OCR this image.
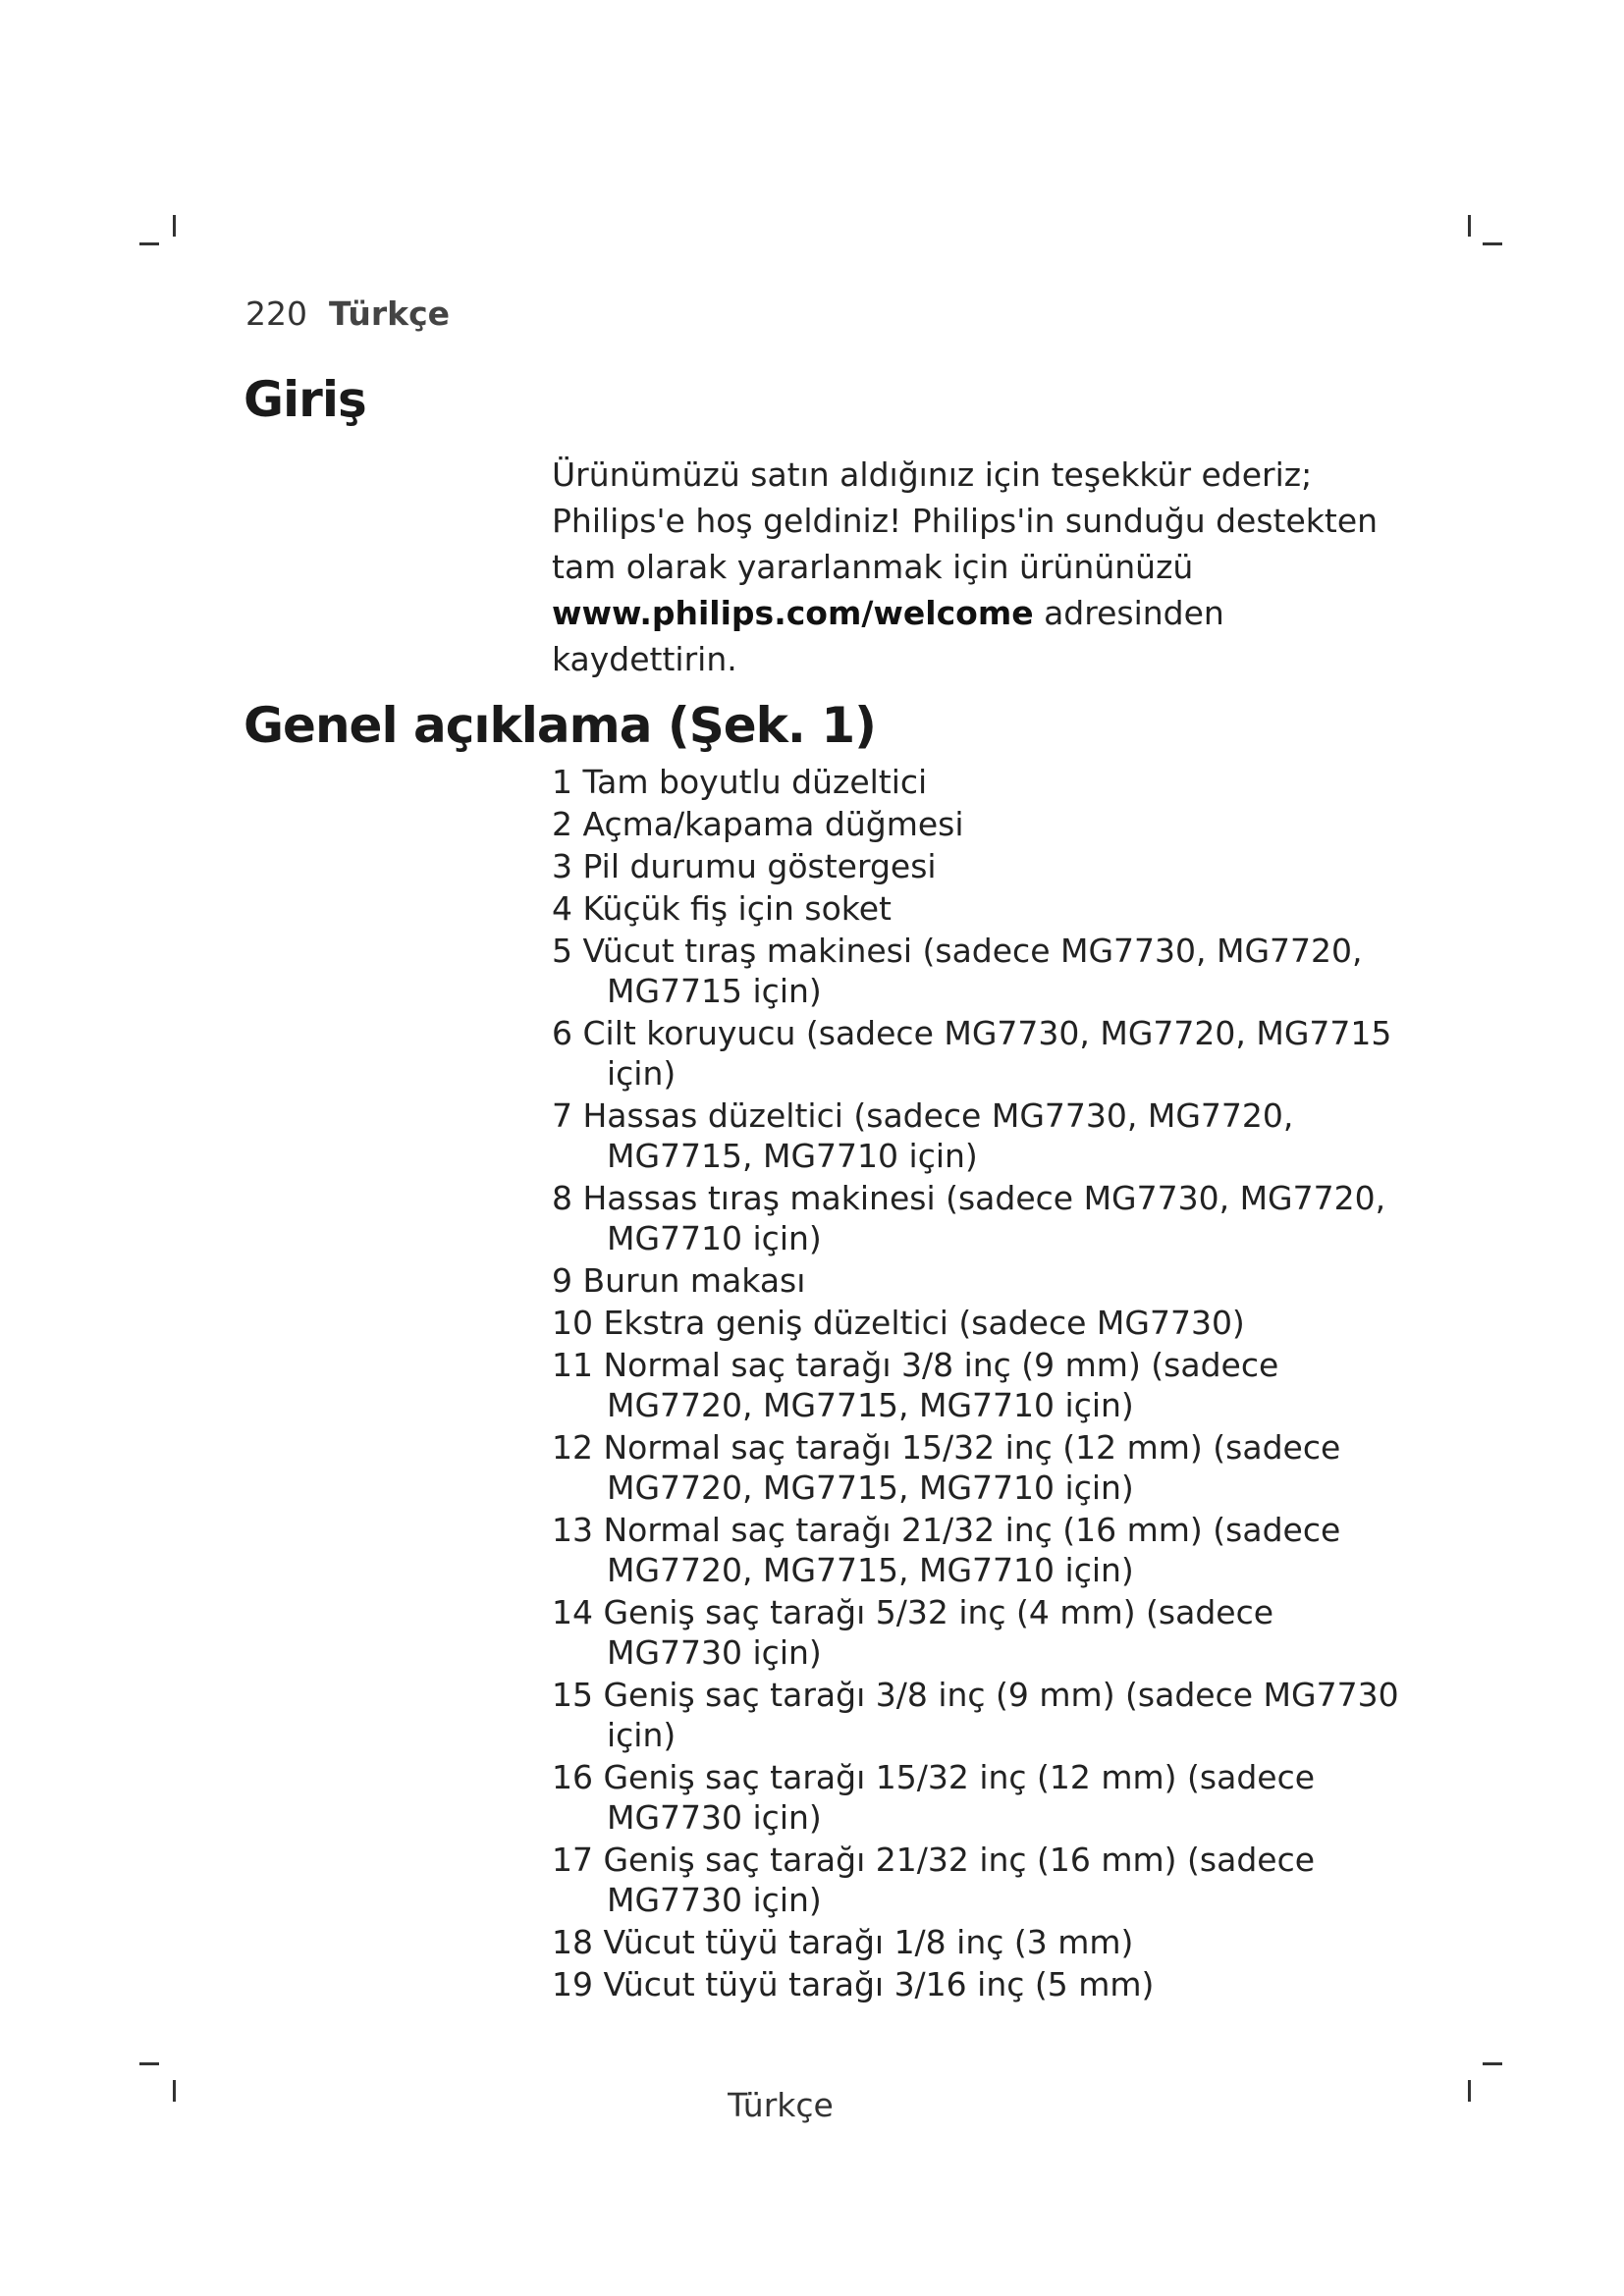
220 Türkçe
Giriş

Ürünümüzü satın aldığınız için teşekkür ederiz; Philips'e hoş geldiniz! Philips'in sunduğu destekten tam olarak yararlanmak için ürününüzü www.philips.com/welcome adresinden kaydettirin.

Genel açıklama (Şek. 1)
1 Tam boyutlu düzeltici
2 Açma/kapama düğmesi
3 Pil durumu göstergesi
4 Küçük fiş için soket
5 Vücut tıraş makinesi (sadece MG7730, MG7720, MG7715 için)
6 Cilt koruyucu (sadece MG7730, MG7720, MG7715 için)
7 Hassas düzeltici (sadece MG7730, MG7720, MG7715, MG7710 için)
8 Hassas tıraş makinesi (sadece MG7730, MG7720, MG7710 için)
9 Burun makası
10 Ekstra geniş düzeltici (sadece MG7730)
11 Normal saç tarağı 3/8 inç (9 mm) (sadece MG7720, MG7715, MG7710 için)
12 Normal saç tarağı 15/32 inç (12 mm) (sadece MG7720, MG7715, MG7710 için)
13 Normal saç tarağı 21/32 inç (16 mm) (sadece MG7720, MG7715, MG7710 için)
14 Geniş saç tarağı 5/32 inç (4 mm) (sadece MG7730 için)
15 Geniş saç tarağı 3/8 inç (9 mm) (sadece MG7730 için)
16 Geniş saç tarağı 15/32 inç (12 mm) (sadece MG7730 için)
17 Geniş saç tarağı 21/32 inç (16 mm) (sadece MG7730 için)
18 Vücut tüyü tarağı 1/8 inç (3 mm)
19 Vücut tüyü tarağı 3/16 inç (5 mm)
Türkçe
